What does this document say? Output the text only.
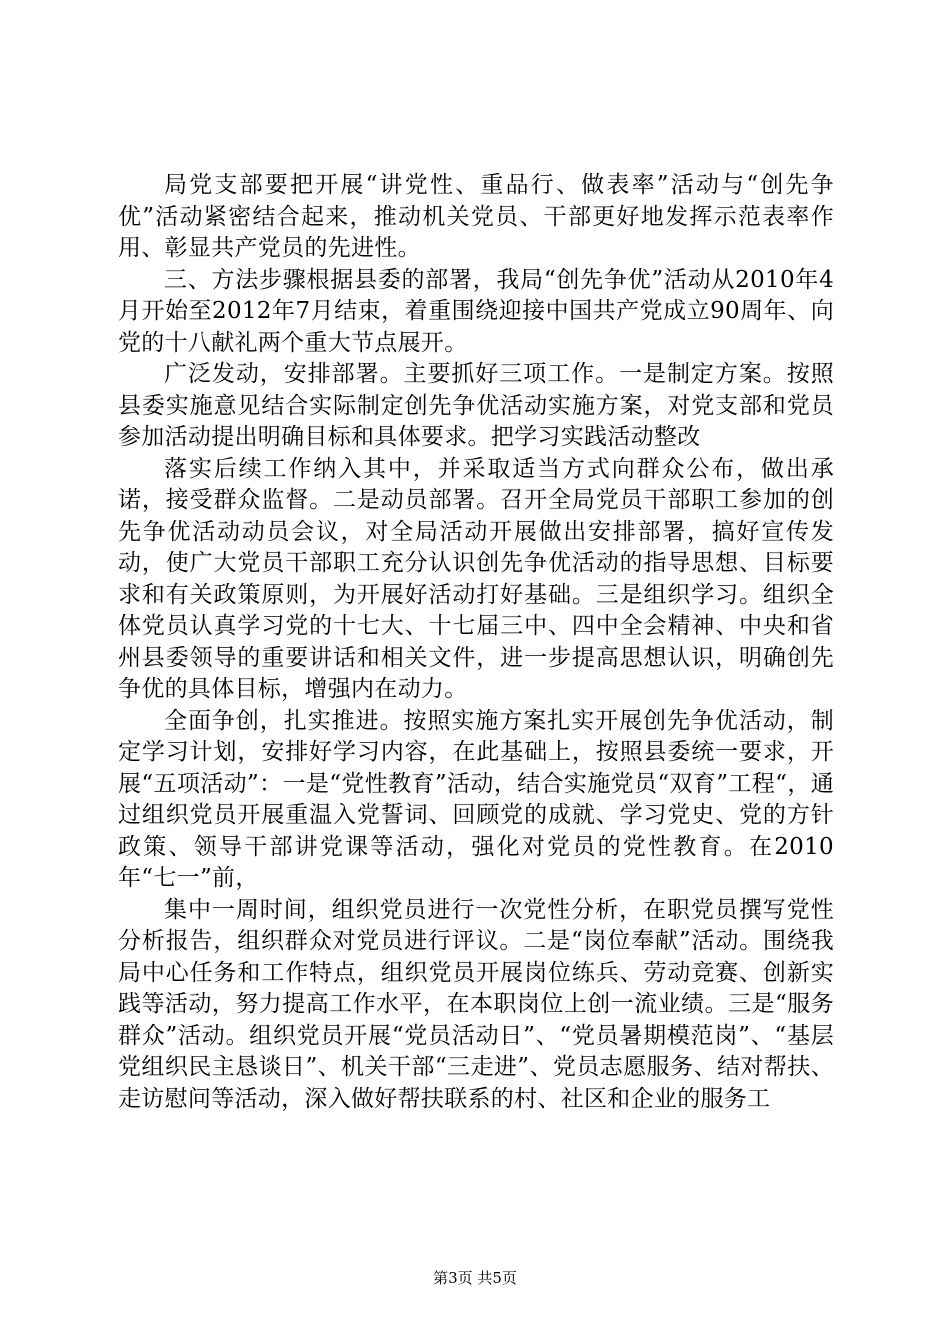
局党支部要把开展“讲党性、重品行、做表率”活动与“创先争优”活动紧密结合起来，推动机关党员、干部更好地发挥示范表率作用、彰显共产党员的先进性。

三、方法步骤根据县委的部署，我局“创先争优”活动从2010年4月开始至2012年7月结束，着重围绕迎接中国共产党成立90周年、向党的十八献礼两个重大节点展开。

广泛发动，安排部署。主要抓好三项工作。一是制定方案。按照县委实施意见结合实际制定创先争优活动实施方案，对党支部和党员参加活动提出明确目标和具体要求。把学习实践活动整改

落实后续工作纳入其中，并采取适当方式向群众公布，做出承诺，接受群众监督。二是动员部署。召开全局党员干部职工参加的创先争优活动动员会议，对全局活动开展做出安排部署，搞好宣传发动，使广大党员干部职工充分认识创先争优活动的指导思想、目标要求和有关政策原则，为开展好活动打好基础。三是组织学习。组织全体党员认真学习党的十七大、十七届三中、四中全会精神、中央和省州县委领导的重要讲话和相关文件，进一步提高思想认识，明确创先争优的具体目标，增强内在动力。

全面争创，扎实推进。按照实施方案扎实开展创先争优活动，制定学习计划，安排好学习内容，在此基础上，按照县委统一要求，开展“五项活动”：一是“党性教育”活动，结合实施党员“双育”工程“，通过组织党员开展重温入党誓词、回顾党的成就、学习党史、党的方针政策、领导干部讲党课等活动，强化对党员的党性教育。在2010年“七一”前，

集中一周时间，组织党员进行一次党性分析，在职党员撰写党性分析报告，组织群众对党员进行评议。二是“岗位奉献”活动。围绕我局中心任务和工作特点，组织党员开展岗位练兵、劳动竞赛、创新实践等活动，努力提高工作水平，在本职岗位上创一流业绩。三是“服务群众”活动。组织党员开展“党员活动日”、“党员暑期模范岗”、“基层党组织民主恳谈日”、机关干部“三走进”、党员志愿服务、结对帮扶、走访慰问等活动，深入做好帮扶联系的村、社区和企业的服务工

第3页 共5页
